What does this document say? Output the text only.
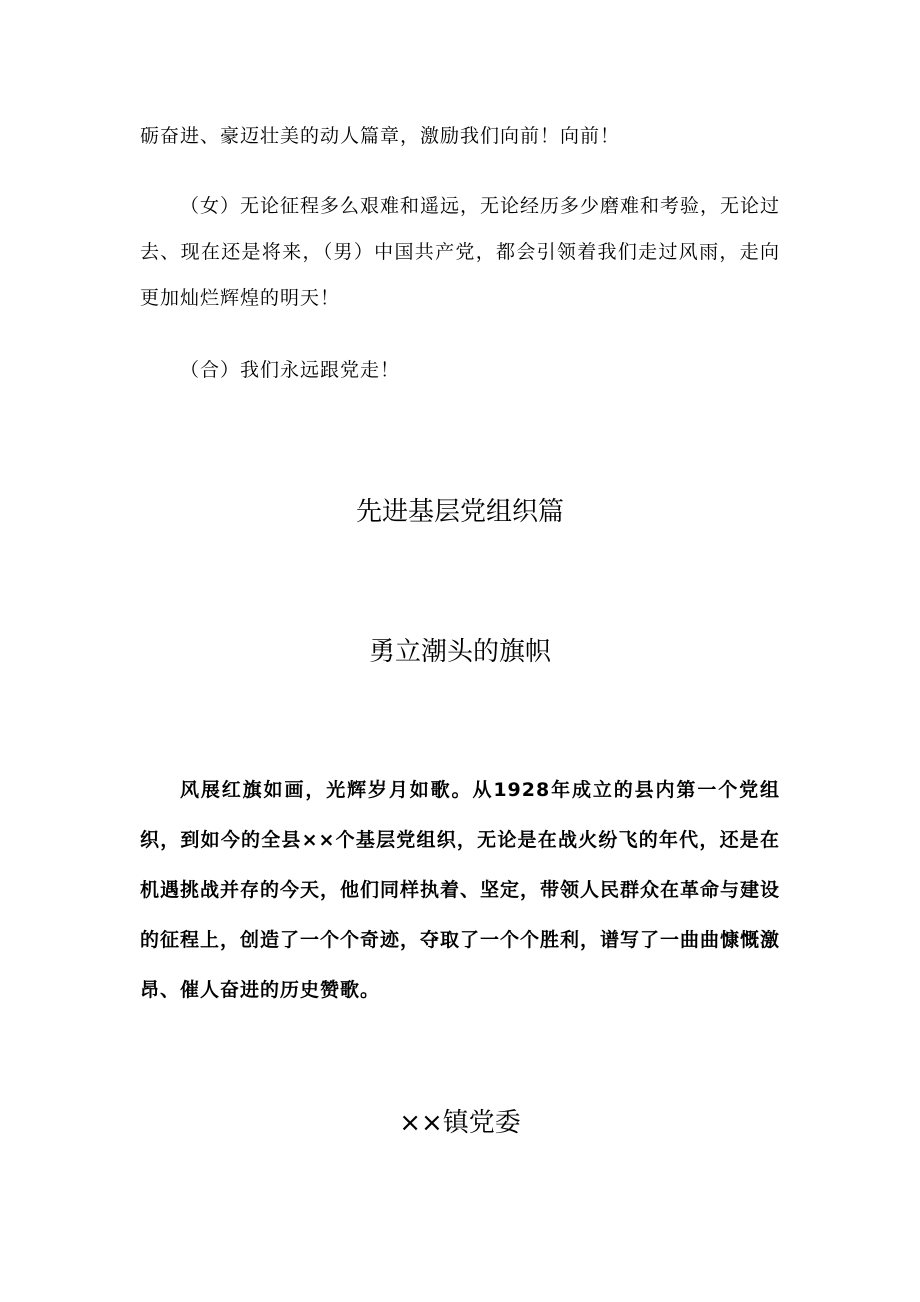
砺奋进、豪迈壮美的动人篇章，激励我们向前！向前！

（女）无论征程多么艰难和遥远，无论经历多少磨难和考验，无论过去、现在还是将来，（男）中国共产党，都会引领着我们走过风雨，走向更加灿烂辉煌的明天！

（合）我们永远跟党走！

先进基层党组织篇
勇立潮头的旗帜

风展红旗如画，光辉岁月如歌。从1928年成立的县内第一个党组织，到如今的全县××个基层党组织，无论是在战火纷飞的年代，还是在机遇挑战并存的今天，他们同样执着、坚定，带领人民群众在革命与建设的征程上，创造了一个个奇迹，夺取了一个个胜利，谱写了一曲曲慷慨激昂、催人奋进的历史赞歌。

××镇党委
